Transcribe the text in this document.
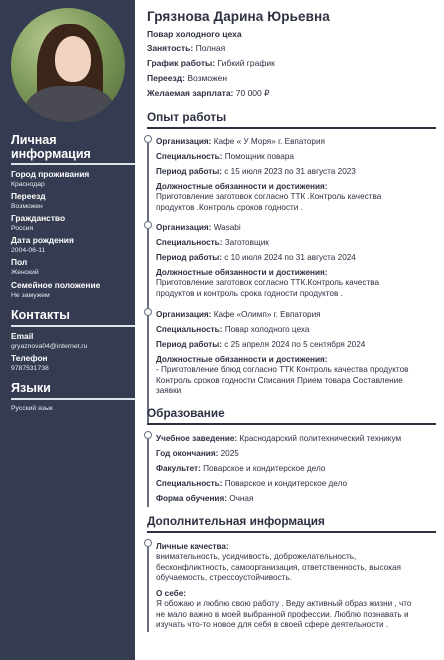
Личная
информация
Город проживания
Краснодар
Переезд
Возможен
Гражданство
Россия
Дата рождения
2004-06-11
Пол
Женский
Семейное положение
Не замужем
Контакты
Email
gryaznova04@internet.ru
Телефон
9787531738
Языки
Русский язык
Грязнова Дарина Юрьевна
Повар холодного цеха
Занятость: Полная
График работы: Гибкий график
Переезд: Возможен
Желаемая зарплата: 70 000 ₽
Опыт работы
Организация: Кафе « У Моря» г. Евпатория
Специальность: Помощник повара
Период работы: с 15 июля 2023 по 31 августа 2023
Должностные обязанности и достижения:
Приготовление заготовок согласно ТТК .Контроль качества
продуктов .Контроль сроков годности .
Организация: Wasabi
Специальность: Заготовщик
Период работы: с 10 июля 2024 по 31 августа 2024
Должностные обязанности и достижения:
Приготовление заготовок согласно ТТК.Контроль качества
продуктов и контроль срока годности продуктов .
Организация: Кафе «Олимп» г. Евпатория
Специальность: Повар холодного цеха
Период работы: с 25 апреля 2024 по 5 сентября 2024
Должностные обязанности и достижения:
- Приготовление блюд согласно ТТК Контроль качества продуктов
Контроль сроков годности Списания Прием товара Составление
заявки
Образование
Учебное заведение: Краснодарский политехнический техникум
Год окончания: 2025
Факультет: Поварское и кондитерское дело
Специальность: Поварское и кондитерское дело
Форма обучения: Очная
Дополнительная информация
Личные качества:
внимательность, усидчивость, доброжелательность,
бесконфликтность, самоорганизация, ответственность, высокая
обучаемость, стрессоустойчивость.
О себе:
Я обожаю и люблю свою работу . Веду активный образ жизни , что
не мало важно в моей выбранной профессии. Люблю познавать и
изучать что-то новое для себя в своей сфере деятельности .
